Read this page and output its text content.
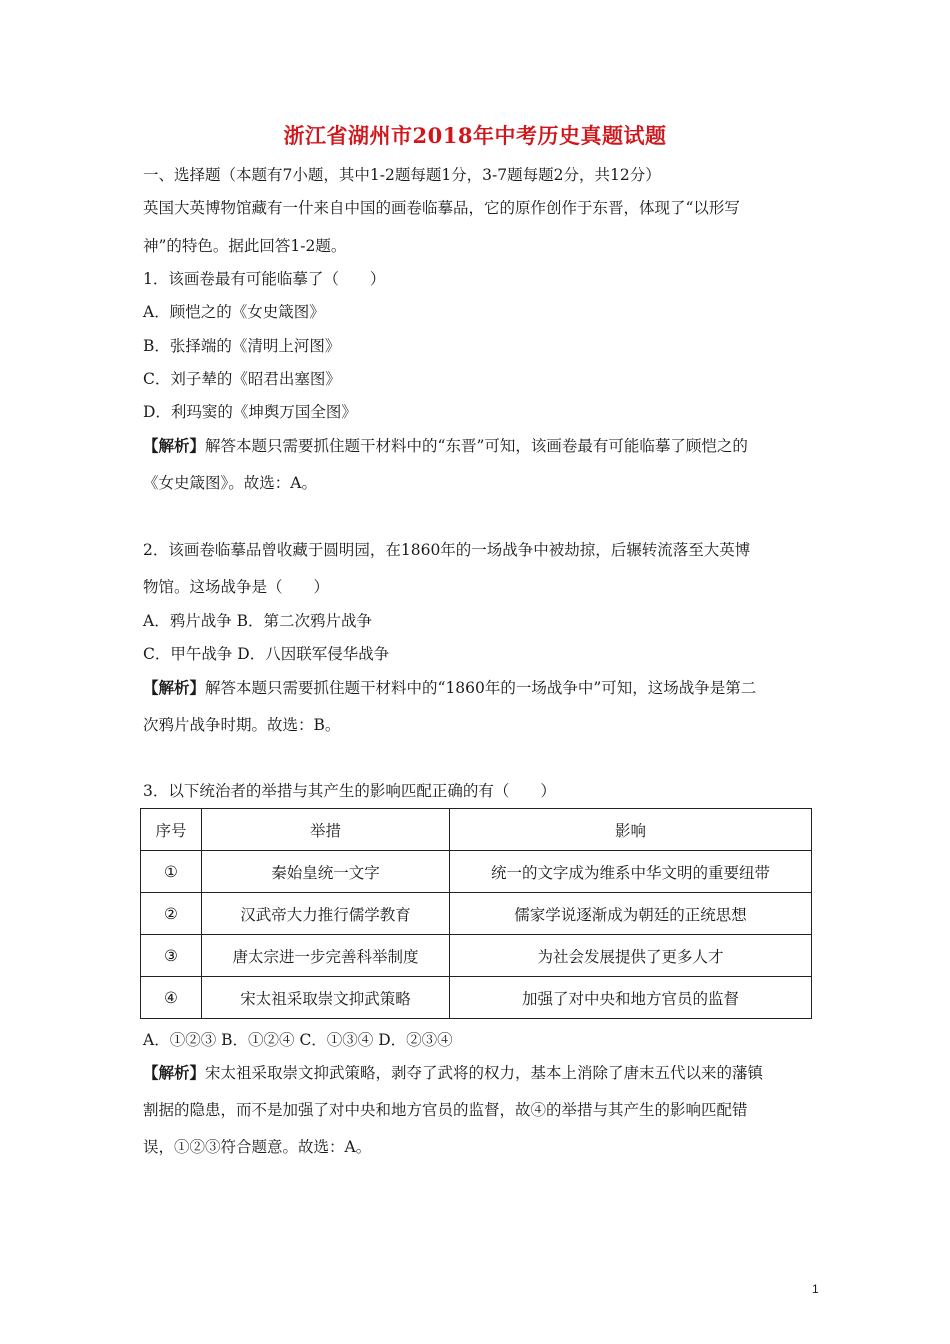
浙江省湖州市2018年中考历史真题试题
一、选择题（本题有7小题，其中1-2题每题1分，3-7题每题2分，共12分）
英国大英博物馆藏有一什来自中国的画卷临摹品，它的原作创作于东晋，体现了“以形写
神”的特色。据此回答1-2题。
1．该画卷最有可能临摹了（　　）
A．顾恺之的《女史箴图》
B．张择端的《清明上河图》
C．刘子辇的《昭君出塞图》
D．利玛窦的《坤舆万国全图》
【解析】解答本题只需要抓住题干材料中的“东晋”可知，该画卷最有可能临摹了顾恺之的
《女史箴图》。故选：A。
2．该画卷临摹品曾收藏于圆明园，在1860年的一场战争中被劫掠，后辗转流落至大英博
物馆。这场战争是（　　）
A．鸦片战争 B．第二次鸦片战争
C．甲午战争 D．八因联军侵华战争
【解析】解答本题只需要抓住题干材料中的“1860年的一场战争中”可知，这场战争是第二
次鸦片战争时期。故选：B。
3．以下统治者的举措与其产生的影响匹配正确的有（　　）
序号	举措	影响
①	秦始皇统一文字	统一的文字成为维系中华文明的重要纽带
②	汉武帝大力推行儒学教育	儒家学说逐渐成为朝廷的正统思想
③	唐太宗进一步完善科举制度	为社会发展提供了更多人才
④	宋太祖采取崇文抑武策略	加强了对中央和地方官员的监督
A．①②③ B．①②④ C．①③④ D．②③④
【解析】宋太祖采取崇文抑武策略，剥夺了武将的权力，基本上消除了唐末五代以来的藩镇
割据的隐患，而不是加强了对中央和地方官员的监督，故④的举措与其产生的影响匹配错
误，①②③符合题意。故选：A。
1
